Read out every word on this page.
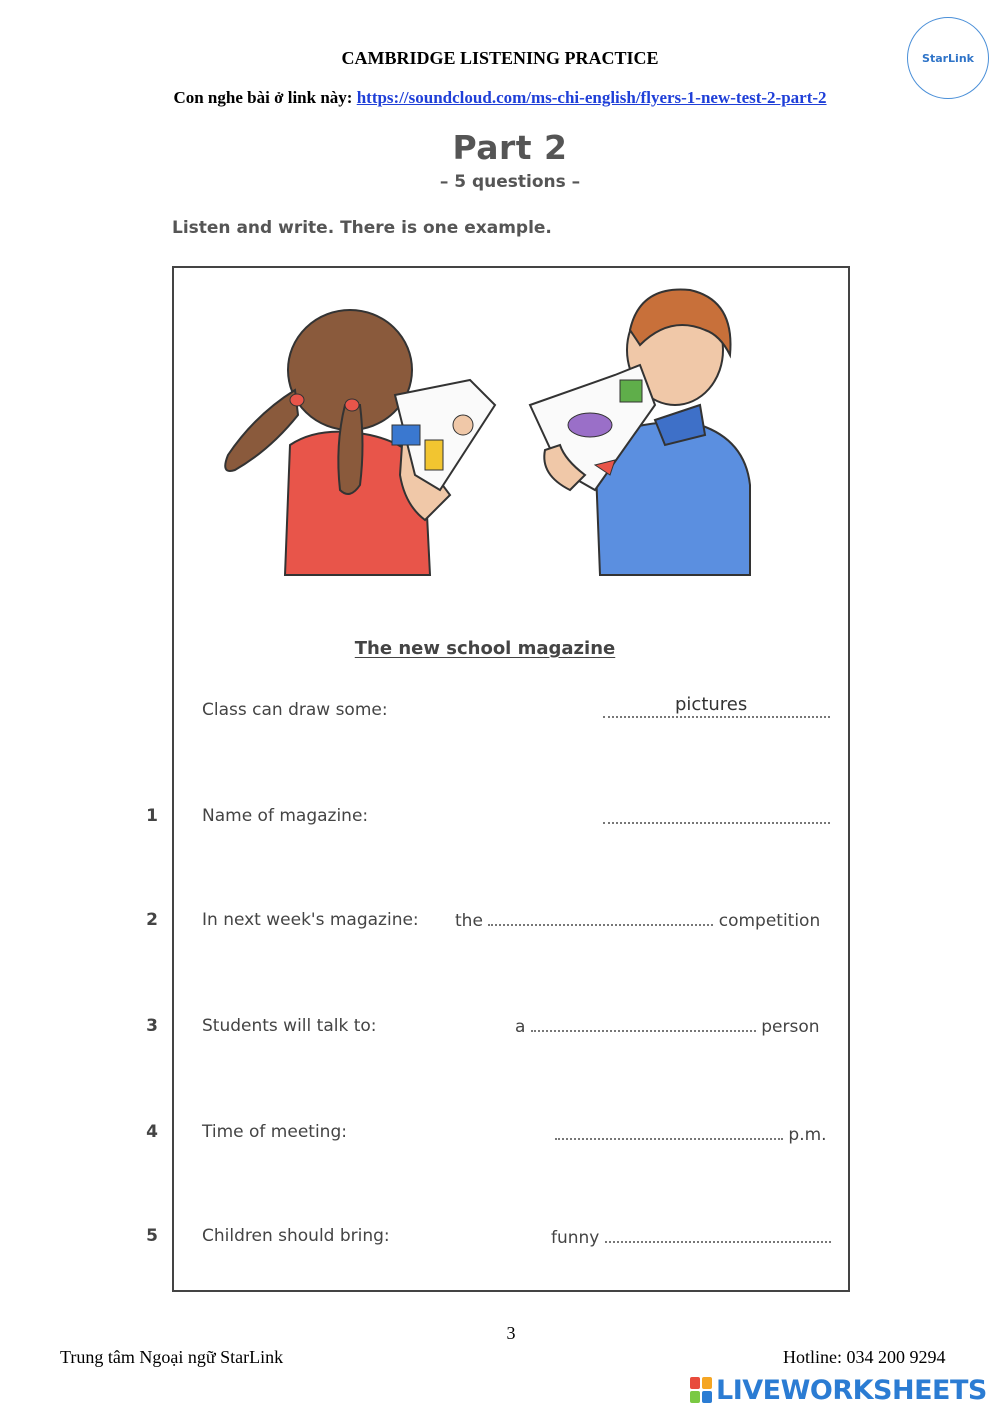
CAMBRIDGE LISTENING PRACTICE
Con nghe bài ở link này: https://soundcloud.com/ms-chi-english/flyers-1-new-test-2-part-2
StarLink
Part 2
– 5 questions –
Listen and write. There is one example.
The new school magazine
Class can draw some:	pictures
1	Name of magazine:
2	In next week's magazine: the	competition
3	Students will talk to:	a	person
4	Time of meeting:	p.m.
5	Children should bring:	funny
3
Trung tâm Ngoại ngữ StarLink	Hotline: 034 200 9294
LIVEWORKSHEETS
